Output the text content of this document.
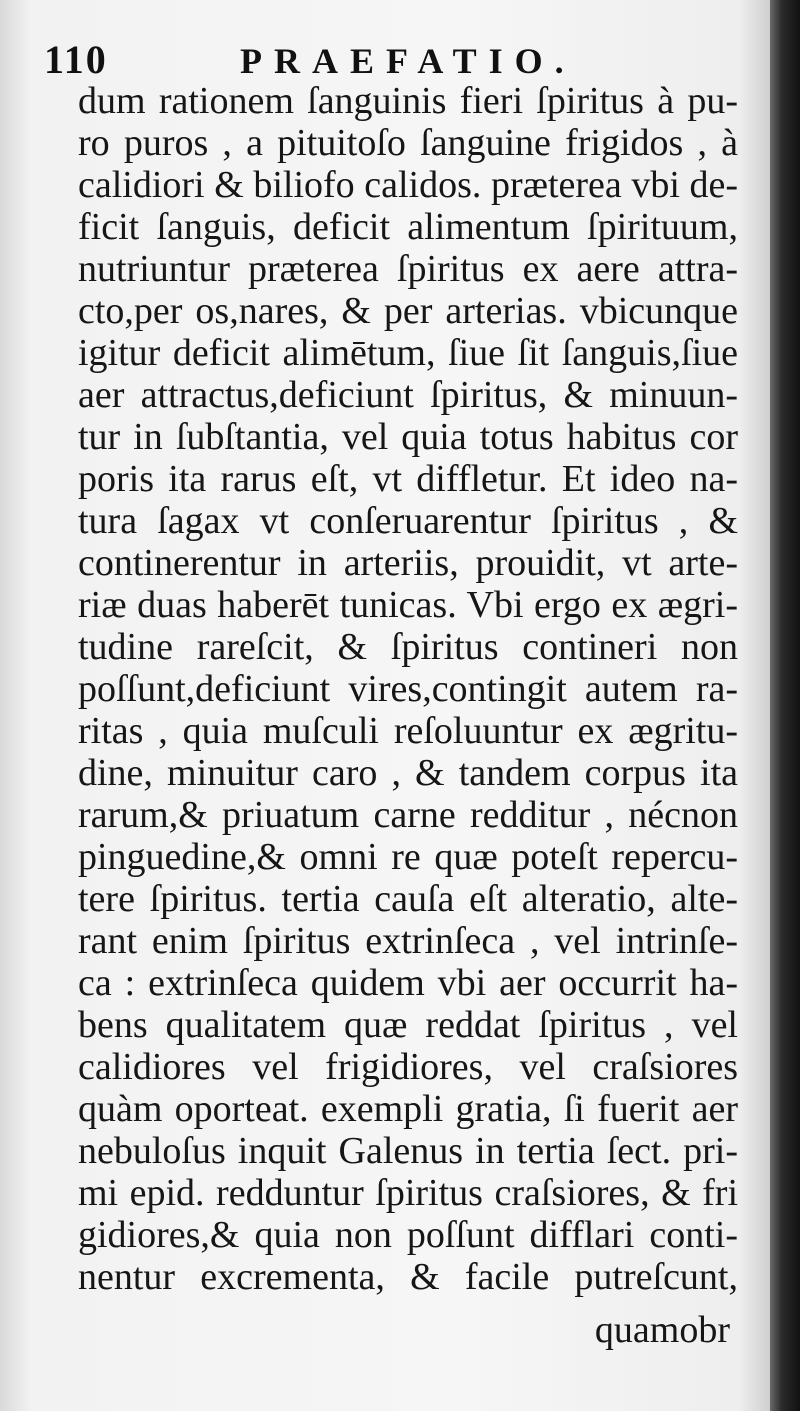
110	PRAEFATIO.
dum rationem ſanguinis fieri ſpiritus à pu-
ro puros , a pituitoſo ſanguine frigidos , à
calidiori & biliofo calidos. præterea vbi de-
ficit ſanguis, deficit alimentum ſpirituum,
nutriuntur præterea ſpiritus ex aere attra-
cto,per os,nares, & per arterias. vbicunque
igitur deficit alimētum, ſiue ſit ſanguis,ſiue
aer attractus,deficiunt ſpiritus, & minuun-
tur in ſubſtantia, vel quia totus habitus cor
poris ita rarus eſt, vt diffletur. Et ideo na-
tura ſagax vt conſeruarentur ſpiritus , &
continerentur in arteriis, prouidit, vt arte-
riæ duas haberēt tunicas. Vbi ergo ex ægri-
tudine rareſcit, & ſpiritus contineri non
poſſunt,deficiunt vires,contingit autem ra-
ritas , quia muſculi reſoluuntur ex ægritu-
dine, minuitur caro , & tandem corpus ita
rarum,& priuatum carne redditur , nécnon
pinguedine,& omni re quæ poteſt repercu-
tere ſpiritus. tertia cauſa eſt alteratio, alte-
rant enim ſpiritus extrinſeca , vel intrinſe-
ca : extrinſeca quidem vbi aer occurrit ha-
bens qualitatem quæ reddat ſpiritus , vel
calidiores vel frigidiores, vel craſsiores
quàm oporteat. exempli gratia, ſi fuerit aer
nebuloſus inquit Galenus in tertia ſect. pri-
mi epid. redduntur ſpiritus craſsiores, & fri
gidiores,& quia non poſſunt difflari conti-
nentur excrementa, & facile putreſcunt,
quamobr
